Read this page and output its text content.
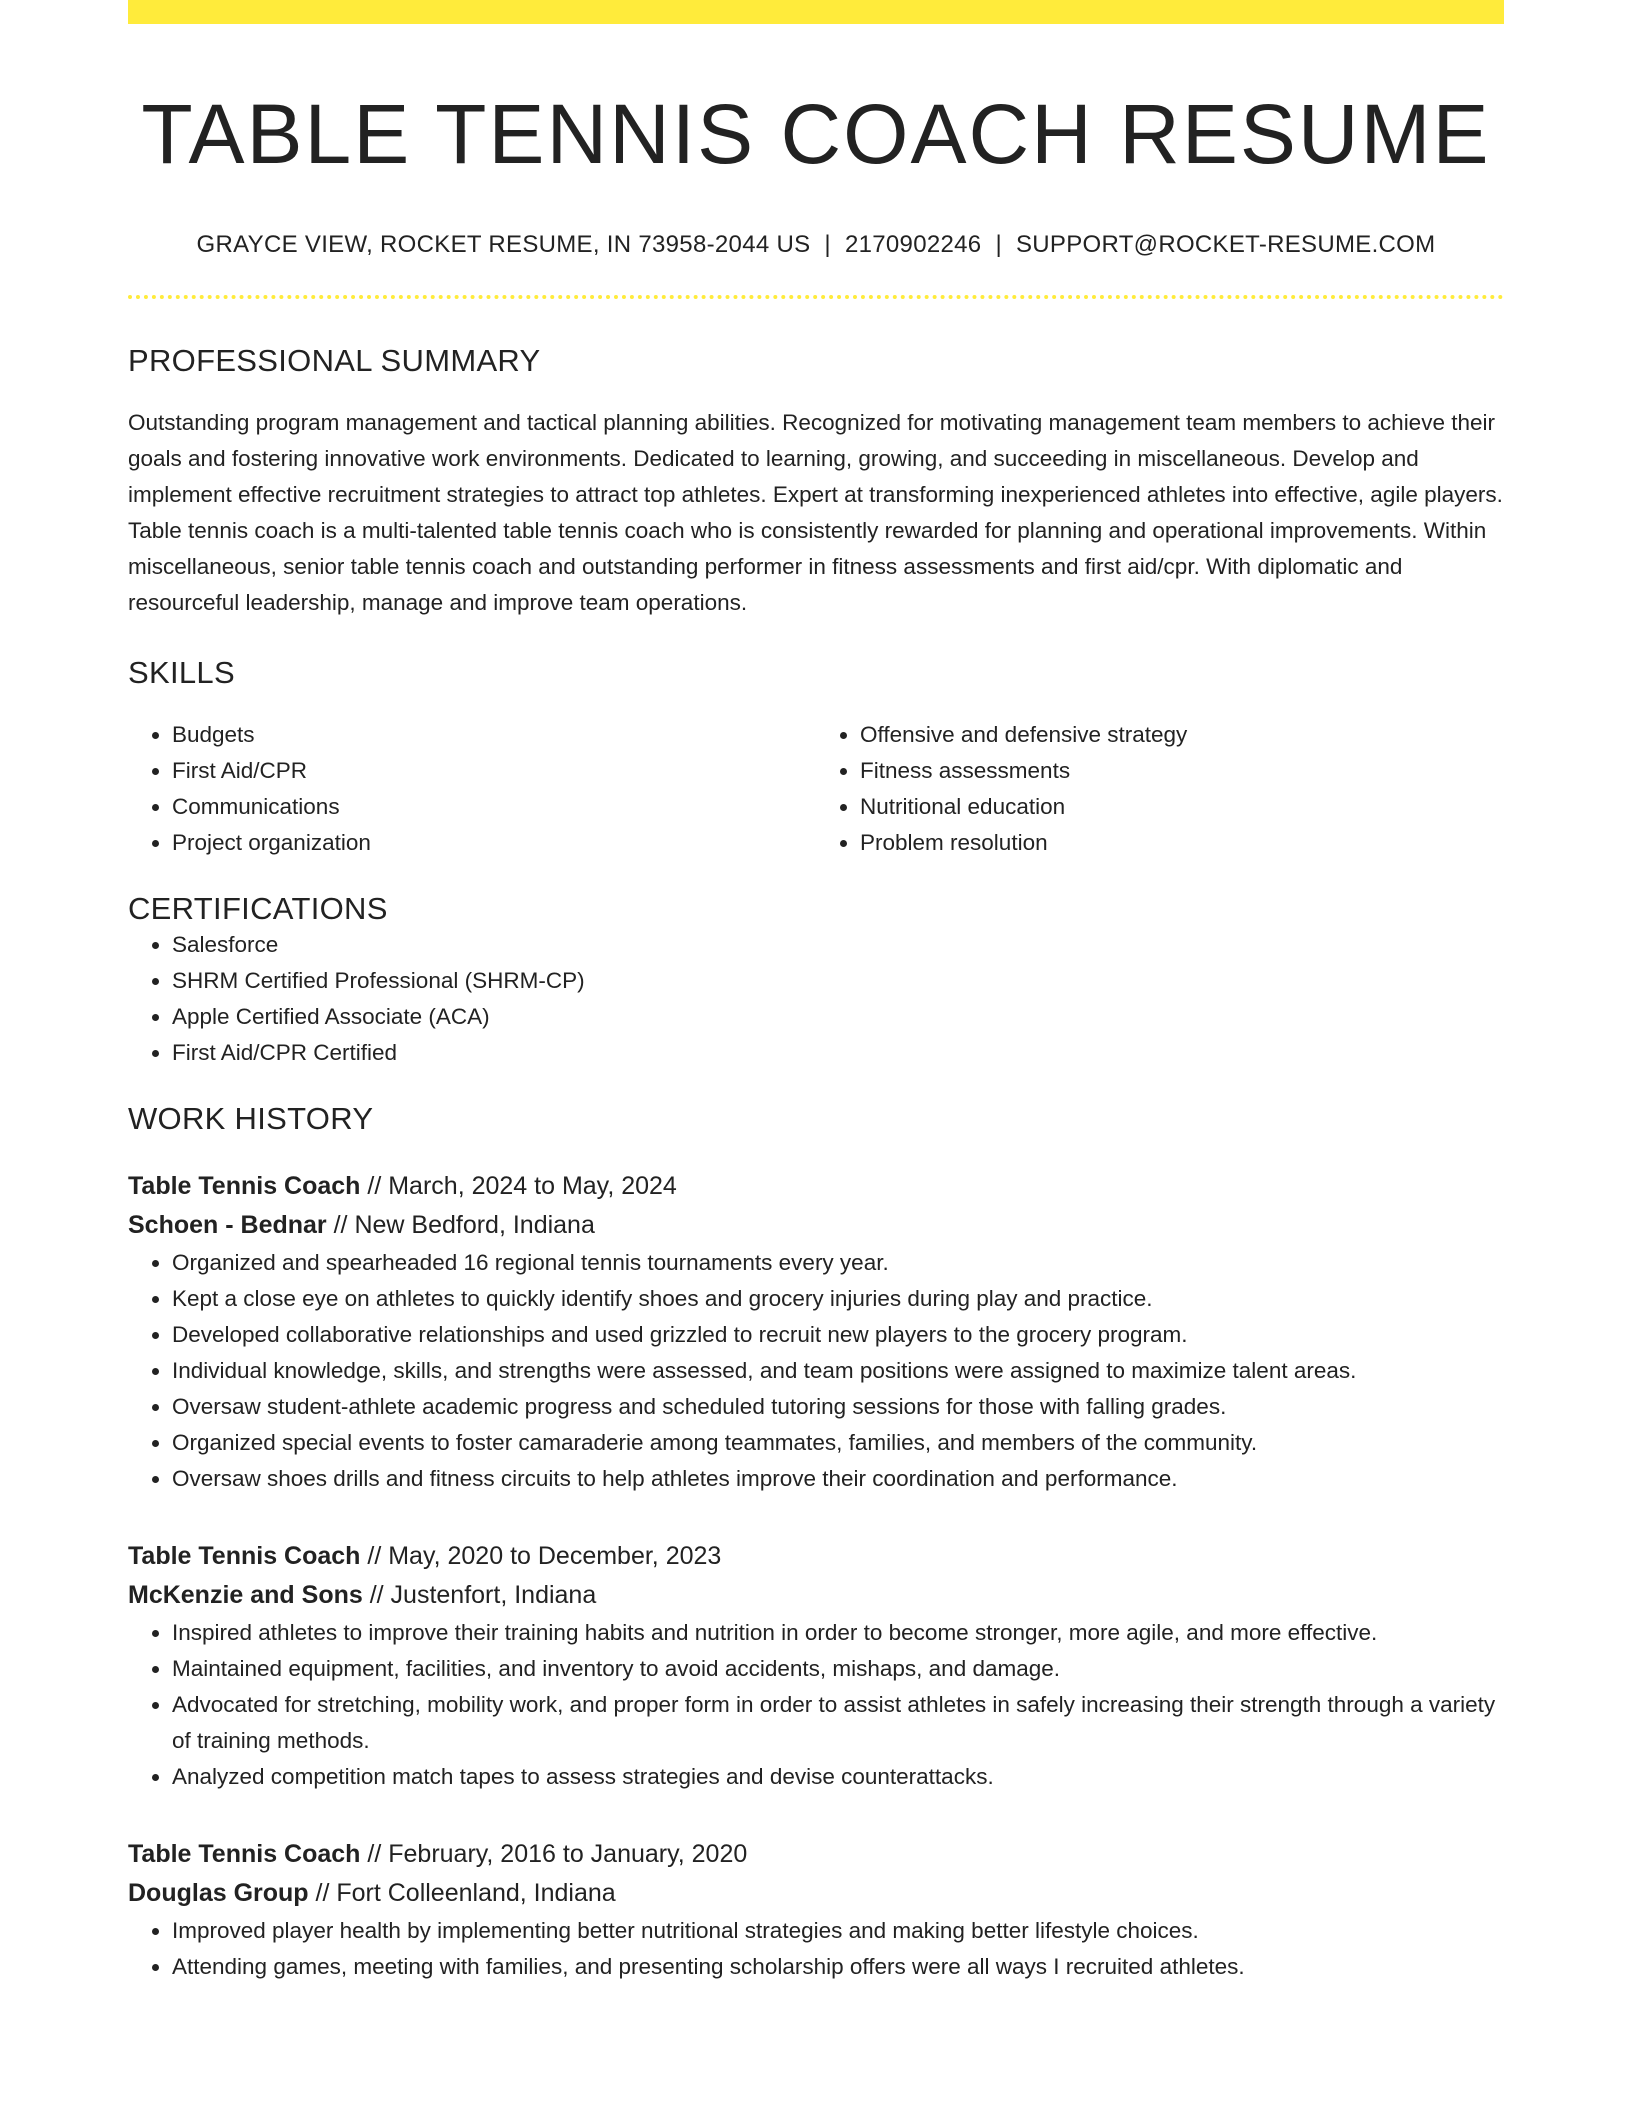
TABLE TENNIS COACH RESUME
GRAYCE VIEW, ROCKET RESUME, IN 73958-2044 US | 2170902246 | SUPPORT@ROCKET-RESUME.COM
PROFESSIONAL SUMMARY
Outstanding program management and tactical planning abilities. Recognized for motivating management team members to achieve their goals and fostering innovative work environments. Dedicated to learning, growing, and succeeding in miscellaneous. Develop and implement effective recruitment strategies to attract top athletes. Expert at transforming inexperienced athletes into effective, agile players. Table tennis coach is a multi-talented table tennis coach who is consistently rewarded for planning and operational improvements. Within miscellaneous, senior table tennis coach and outstanding performer in fitness assessments and first aid/cpr. With diplomatic and resourceful leadership, manage and improve team operations.
SKILLS
• Budgets
• First Aid/CPR
• Communications
• Project organization
• Offensive and defensive strategy
• Fitness assessments
• Nutritional education
• Problem resolution
CERTIFICATIONS
• Salesforce
• SHRM Certified Professional (SHRM-CP)
• Apple Certified Associate (ACA)
• First Aid/CPR Certified
WORK HISTORY
Table Tennis Coach // March, 2024 to May, 2024
Schoen - Bednar // New Bedford, Indiana
• Organized and spearheaded 16 regional tennis tournaments every year.
• Kept a close eye on athletes to quickly identify shoes and grocery injuries during play and practice.
• Developed collaborative relationships and used grizzled to recruit new players to the grocery program.
• Individual knowledge, skills, and strengths were assessed, and team positions were assigned to maximize talent areas.
• Oversaw student-athlete academic progress and scheduled tutoring sessions for those with falling grades.
• Organized special events to foster camaraderie among teammates, families, and members of the community.
• Oversaw shoes drills and fitness circuits to help athletes improve their coordination and performance.
Table Tennis Coach // May, 2020 to December, 2023
McKenzie and Sons // Justenfort, Indiana
• Inspired athletes to improve their training habits and nutrition in order to become stronger, more agile, and more effective.
• Maintained equipment, facilities, and inventory to avoid accidents, mishaps, and damage.
• Advocated for stretching, mobility work, and proper form in order to assist athletes in safely increasing their strength through a variety of training methods.
• Analyzed competition match tapes to assess strategies and devise counterattacks.
Table Tennis Coach // February, 2016 to January, 2020
Douglas Group // Fort Colleenland, Indiana
• Improved player health by implementing better nutritional strategies and making better lifestyle choices.
• Attending games, meeting with families, and presenting scholarship offers were all ways I recruited athletes.
